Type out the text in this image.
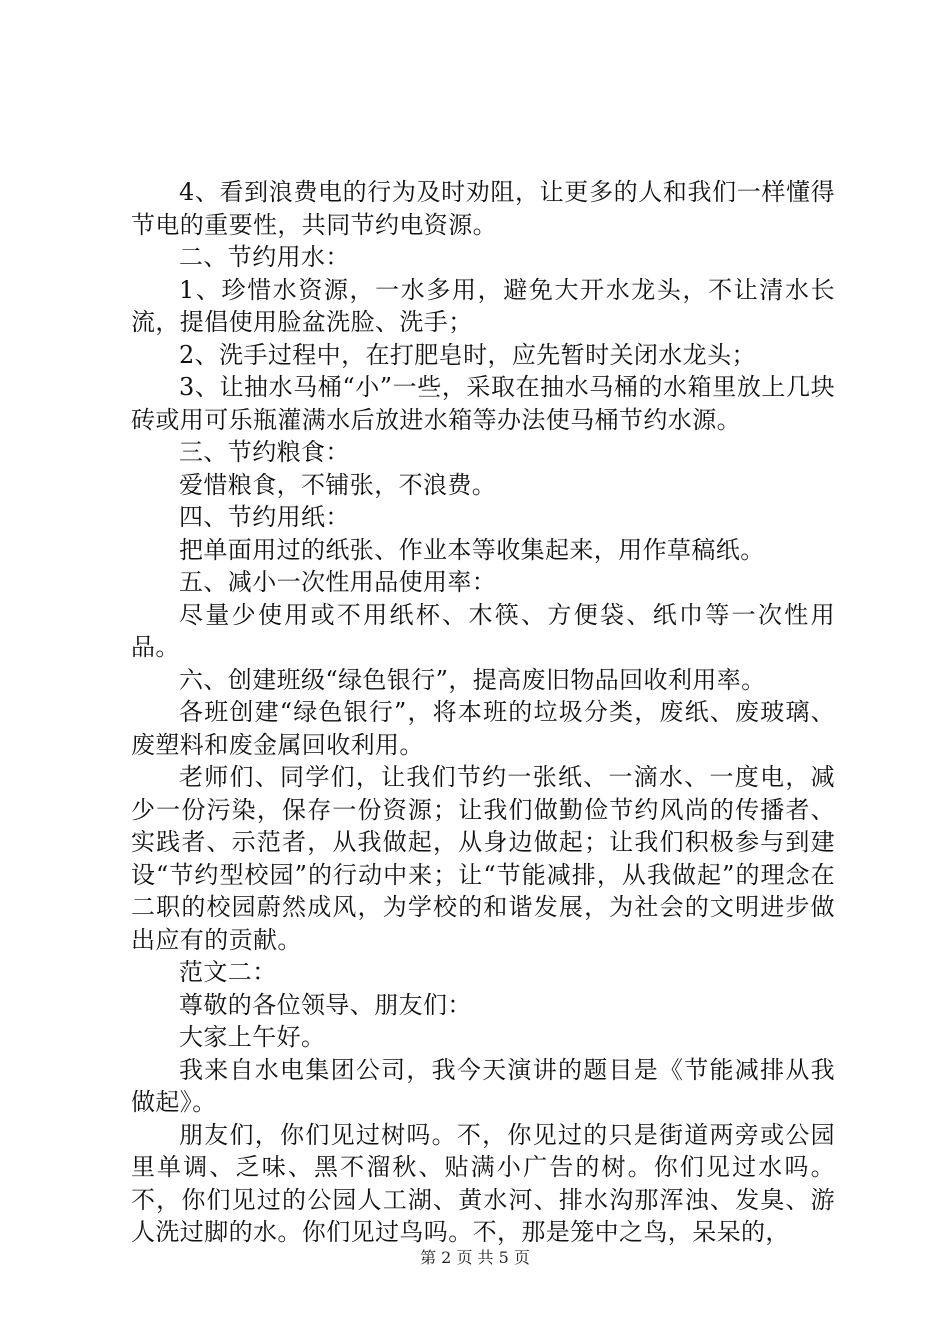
4、看到浪费电的行为及时劝阻，让更多的人和我们一样懂得节电的重要性，共同节约电资源。

二、节约用水：

1、珍惜水资源，一水多用，避免大开水龙头，不让清水长流，提倡使用脸盆洗脸、洗手；

2、洗手过程中，在打肥皂时，应先暂时关闭水龙头；

3、让抽水马桶“小”一些，采取在抽水马桶的水箱里放上几块砖或用可乐瓶灌满水后放进水箱等办法使马桶节约水源。

三、节约粮食：

爱惜粮食，不铺张，不浪费。

四、节约用纸：

把单面用过的纸张、作业本等收集起来，用作草稿纸。

五、减小一次性用品使用率：

尽量少使用或不用纸杯、木筷、方便袋、纸巾等一次性用品。

六、创建班级“绿色银行”，提高废旧物品回收利用率。

各班创建“绿色银行”，将本班的垃圾分类，废纸、废玻璃、废塑料和废金属回收利用。

老师们、同学们，让我们节约一张纸、一滴水、一度电，减少一份污染，保存一份资源；让我们做勤俭节约风尚的传播者、实践者、示范者，从我做起，从身边做起；让我们积极参与到建设“节约型校园”的行动中来；让“节能减排，从我做起”的理念在二职的校园蔚然成风，为学校的和谐发展，为社会的文明进步做出应有的贡献。

范文二：

尊敬的各位领导、朋友们：

大家上午好。

我来自水电集团公司，我今天演讲的题目是《节能减排从我做起》。

朋友们，你们见过树吗。不，你见过的只是街道两旁或公园里单调、乏味、黑不溜秋、贴满小广告的树。你们见过水吗。不，你们见过的公园人工湖、黄水河、排水沟那浑浊、发臭、游人洗过脚的水。你们见过鸟吗。不，那是笼中之鸟，呆呆的，

第 2 页 共 5 页
